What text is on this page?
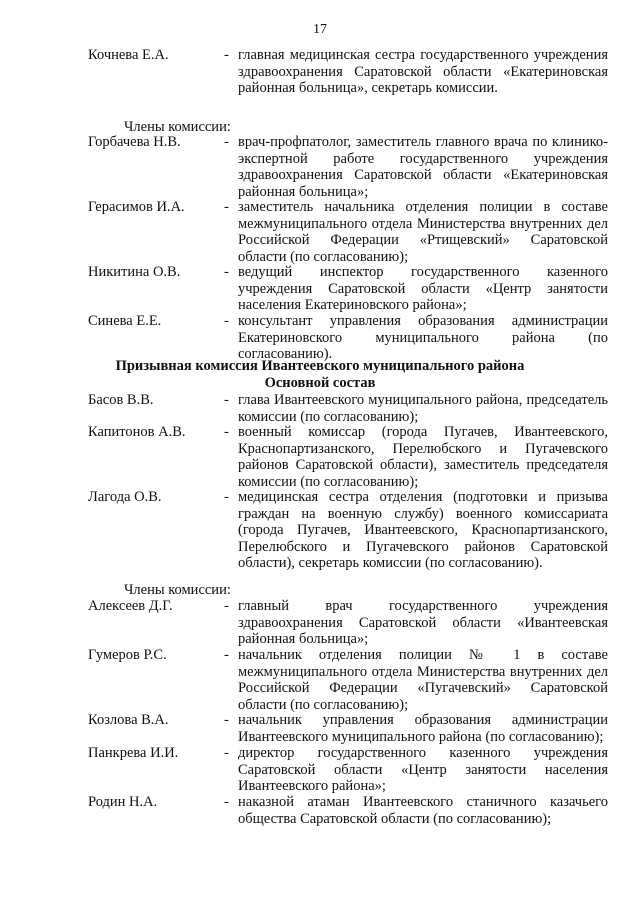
17
Кочнева Е.А.	- главная медицинская сестра государственного учреждения здравоохранения Саратовской области «Екатериновская районная больница», секретарь комиссии.
Члены комиссии:
Горбачева Н.В.	- врач-профпатолог, заместитель главного врача по клинико-экспертной работе государственного учреждения здравоохранения Саратовской области «Екатериновская районная больница»;
Герасимов И.А.	- заместитель начальника отделения полиции в составе межмуниципального отдела Министерства внутренних дел Российской Федерации «Ртищевский» Саратовской области (по согласованию);
Никитина О.В.	- ведущий инспектор государственного казенного учреждения Саратовской области «Центр занятости населения Екатериновского района»;
Синева Е.Е.	- консультант управления образования администрации Екатериновского муниципального района (по согласованию).
Призывная комиссия Ивантеевского муниципального района
Основной состав
Басов В.В.	- глава Ивантеевского муниципального района, председатель комиссии (по согласованию);
Капитонов А.В.	- военный комиссар (города Пугачев, Ивантеевского, Краснопартизанского, Перелюбского и Пугачевского районов Саратовской области), заместитель председателя комиссии (по согласованию);
Лагода О.В.	- медицинская сестра отделения (подготовки и призыва граждан на военную службу) военного комиссариата (города Пугачев, Ивантеевского, Краснопартизанского, Перелюбского и Пугачевского районов Саратовской области), секретарь комиссии (по согласованию).
Члены комиссии:
Алексеев Д.Г.	- главный врач государственного учреждения здравоохранения Саратовской области «Ивантеевская районная больница»;
Гумеров Р.С.	- начальник отделения полиции № 1 в составе межмуниципального отдела Министерства внутренних дел Российской Федерации «Пугачевский» Саратовской области (по согласованию);
Козлова В.А.	- начальник управления образования администрации Ивантеевского муниципального района (по согласованию);
Панкрева И.И.	- директор государственного казенного учреждения Саратовской области «Центр занятости населения Ивантеевского района»;
Родин Н.А.	- наказной атаман Ивантеевского станичного казачьего общества Саратовской области (по согласованию);
